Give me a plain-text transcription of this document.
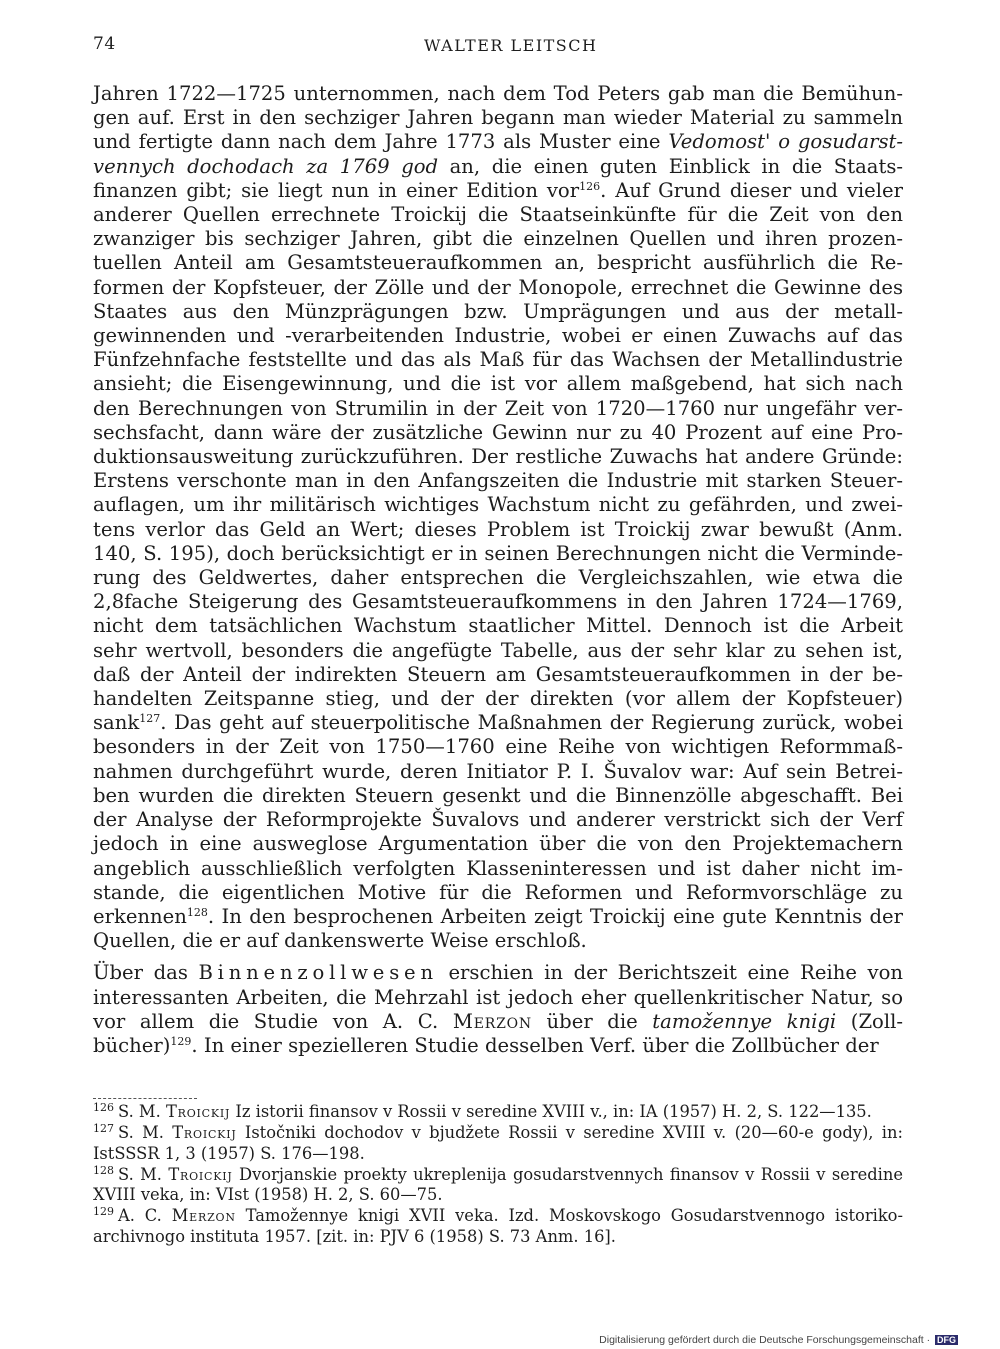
74	WALTER LEITSCH

Jahren 1722—1725 unternommen, nach dem Tod Peters gab man die Bemühun-gen auf. Erst in den sechziger Jahren begann man wieder Material zu sammeln und fertigte dann nach dem Jahre 1773 als Muster eine Vedomost' o gosudarst-vennych dochodach za 1769 god an, die einen guten Einblick in die Staats-finanzen gibt; sie liegt nun in einer Edition vor$^{126}$. Auf Grund dieser und vieler anderer Quellen errechnete Troickij die Staatseinkünfte für die Zeit von den zwanziger bis sechziger Jahren, gibt die einzelnen Quellen und ihren prozen-tuellen Anteil am Gesamtsteueraufkommen an, bespricht ausführlich die Re-formen der Kopfsteuer, der Zölle und der Monopole, errechnet die Gewinne des Staates aus den Münzprägungen bzw. Umprägungen und aus der metall-gewinnenden und -verarbeitenden Industrie, wobei er einen Zuwachs auf das Fünfzehnfache feststellte und das als Maß für das Wachsen der Metallindustrie ansieht; die Eisengewinnung, und die ist vor allem maßgebend, hat sich nach den Berechnungen von Strumilin in der Zeit von 1720—1760 nur ungefähr ver-sechsfacht, dann wäre der zusätzliche Gewinn nur zu 40 Prozent auf eine Pro-duktionsausweitung zurückzuführen. Der restliche Zuwachs hat andere Gründe: Erstens verschonte man in den Anfangszeiten die Industrie mit starken Steuer-auflagen, um ihr militärisch wichtiges Wachstum nicht zu gefährden, und zwei-tens verlor das Geld an Wert; dieses Problem ist Troickij zwar bewußt (Anm. 140, S. 195), doch berücksichtigt er in seinen Berechnungen nicht die Verminde-rung des Geldwertes, daher entsprechen die Vergleichszahlen, wie etwa die 2,8fache Steigerung des Gesamtsteueraufkommens in den Jahren 1724—1769, nicht dem tatsächlichen Wachstum staatlicher Mittel. Dennoch ist die Arbeit sehr wertvoll, besonders die angefügte Tabelle, aus der sehr klar zu sehen ist, daß der Anteil der indirekten Steuern am Gesamtsteueraufkommen in der be-handelten Zeitspanne stieg, und der der direkten (vor allem der Kopfsteuer) sank$^{127}$. Das geht auf steuerpolitische Maßnahmen der Regierung zurück, wobei besonders in der Zeit von 1750—1760 eine Reihe von wichtigen Reformmaß-nahmen durchgeführt wurde, deren Initiator P. I. Šuvalov war: Auf sein Betrei-ben wurden die direkten Steuern gesenkt und die Binnenzölle abgeschafft. Bei der Analyse der Reformprojekte Šuvalovs und anderer verstrickt sich der Verf jedoch in eine ausweglose Argumentation über die von den Projektemachern angeblich ausschließlich verfolgten Klasseninteressen und ist daher nicht im-stande, die eigentlichen Motive für die Reformen und Reformvorschläge zu erkennen$^{128}$. In den besprochenen Arbeiten zeigt Troickij eine gute Kenntnis der Quellen, die er auf dankenswerte Weise erschloß.

Über das Binnenzollwesen erschien in der Berichtszeit eine Reihe von interessanten Arbeiten, die Mehrzahl ist jedoch eher quellenkritischer Natur, so vor allem die Studie von A. C. Merzon über die tamožennye knigi (Zoll-bücher)$^{129}$. In einer spezielleren Studie desselben Verf. über die Zollbücher der

$^{126}$ S. M. Troickij Iz istorii finansov v Rossii v seredine XVIII v., in: IA (1957) H. 2, S. 122—135.

$^{127}$ S. M. Troickij Istočniki dochodov v bjudžete Rossii v seredine XVIII v. (20—60-e gody), in: IstSSSR 1, 3 (1957) S. 176—198.

$^{128}$ S. M. Troickij Dvorjanskie proekty ukreplenija gosudarstvennych finansov v Rossii v seredine XVIII veka, in: VIst (1958) H. 2, S. 60—75.

$^{129}$ A. C. Merzon Tamožennye knigi XVII veka. Izd. Moskovskogo Gosudarstvennogo istoriko-archivnogo instituta 1957. [zit. in: PJV 6 (1958) S. 73 Anm. 16].

Digitalisierung gefördert durch die Deutsche Forschungsgemeinschaft · DFG
